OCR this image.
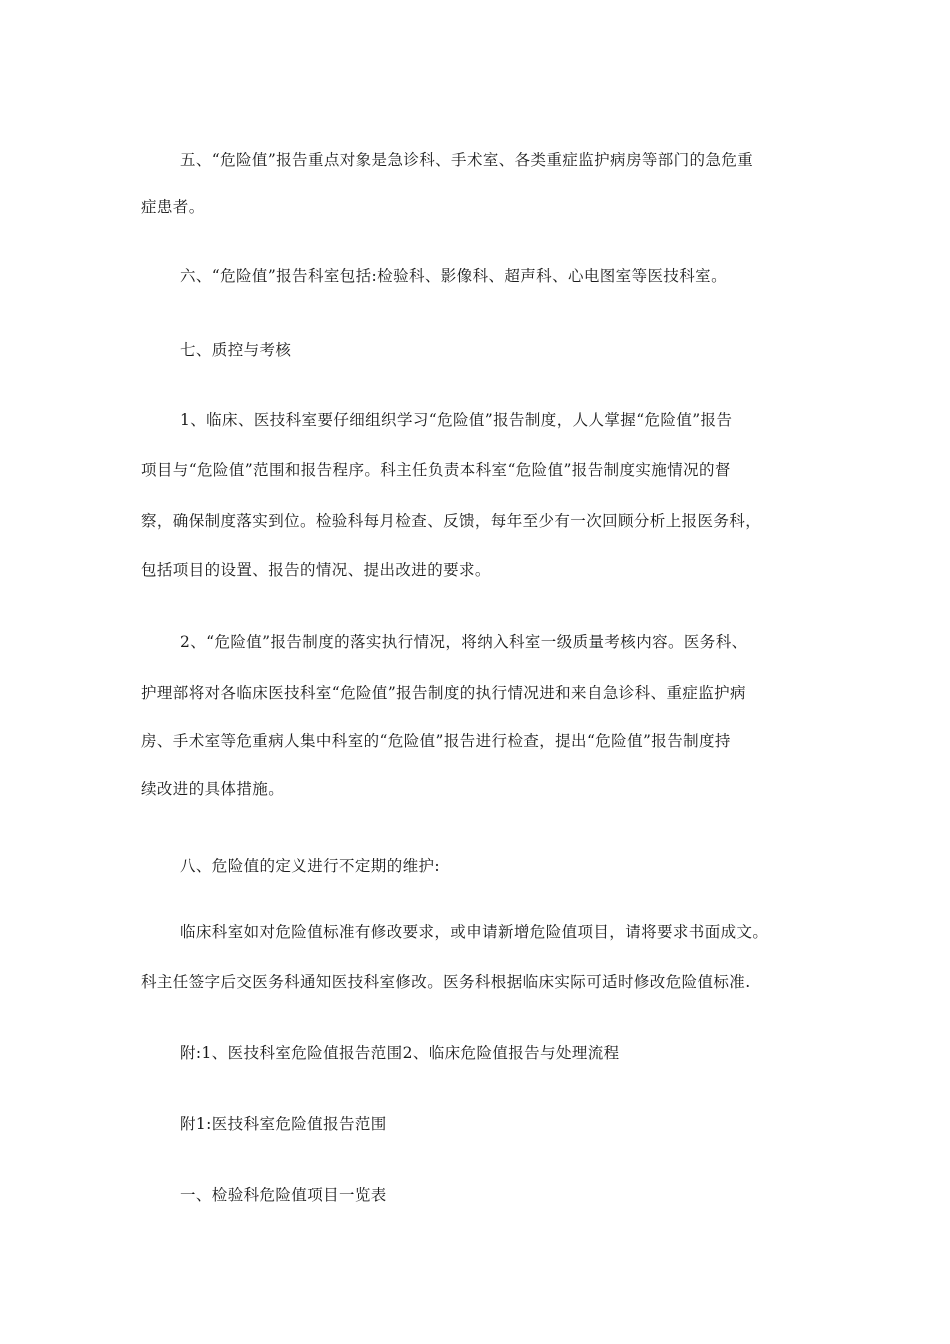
五、“危险值”报告重点对象是急诊科、手术室、各类重症监护病房等部门的急危重
症患者。
六、“危险值”报告科室包括:检验科、影像科、超声科、心电图室等医技科室。
七、质控与考核
1、临床、医技科室要仔细组织学习“危险值”报告制度，人人掌握“危险值”报告
项目与“危险值”范围和报告程序。科主任负责本科室“危险值”报告制度实施情况的督
察，确保制度落实到位。检验科每月检查、反馈，每年至少有一次回顾分析上报医务科，
包括项目的设置、报告的情况、提出改进的要求。
2、“危险值”报告制度的落实执行情况，将纳入科室一级质量考核内容。医务科、
护理部将对各临床医技科室“危险值”报告制度的执行情况进和来自急诊科、重症监护病
房、手术室等危重病人集中科室的“危险值”报告进行检查，提出“危险值”报告制度持
续改进的具体措施。
八、危险值的定义进行不定期的维护:
临床科室如对危险值标准有修改要求，或申请新增危险值项目，请将要求书面成文。
科主任签字后交医务科通知医技科室修改。医务科根据临床实际可适时修改危险值标准.
附:1、医技科室危险值报告范围2、临床危险值报告与处理流程
附1:医技科室危险值报告范围
一、检验科危险值项目一览表
